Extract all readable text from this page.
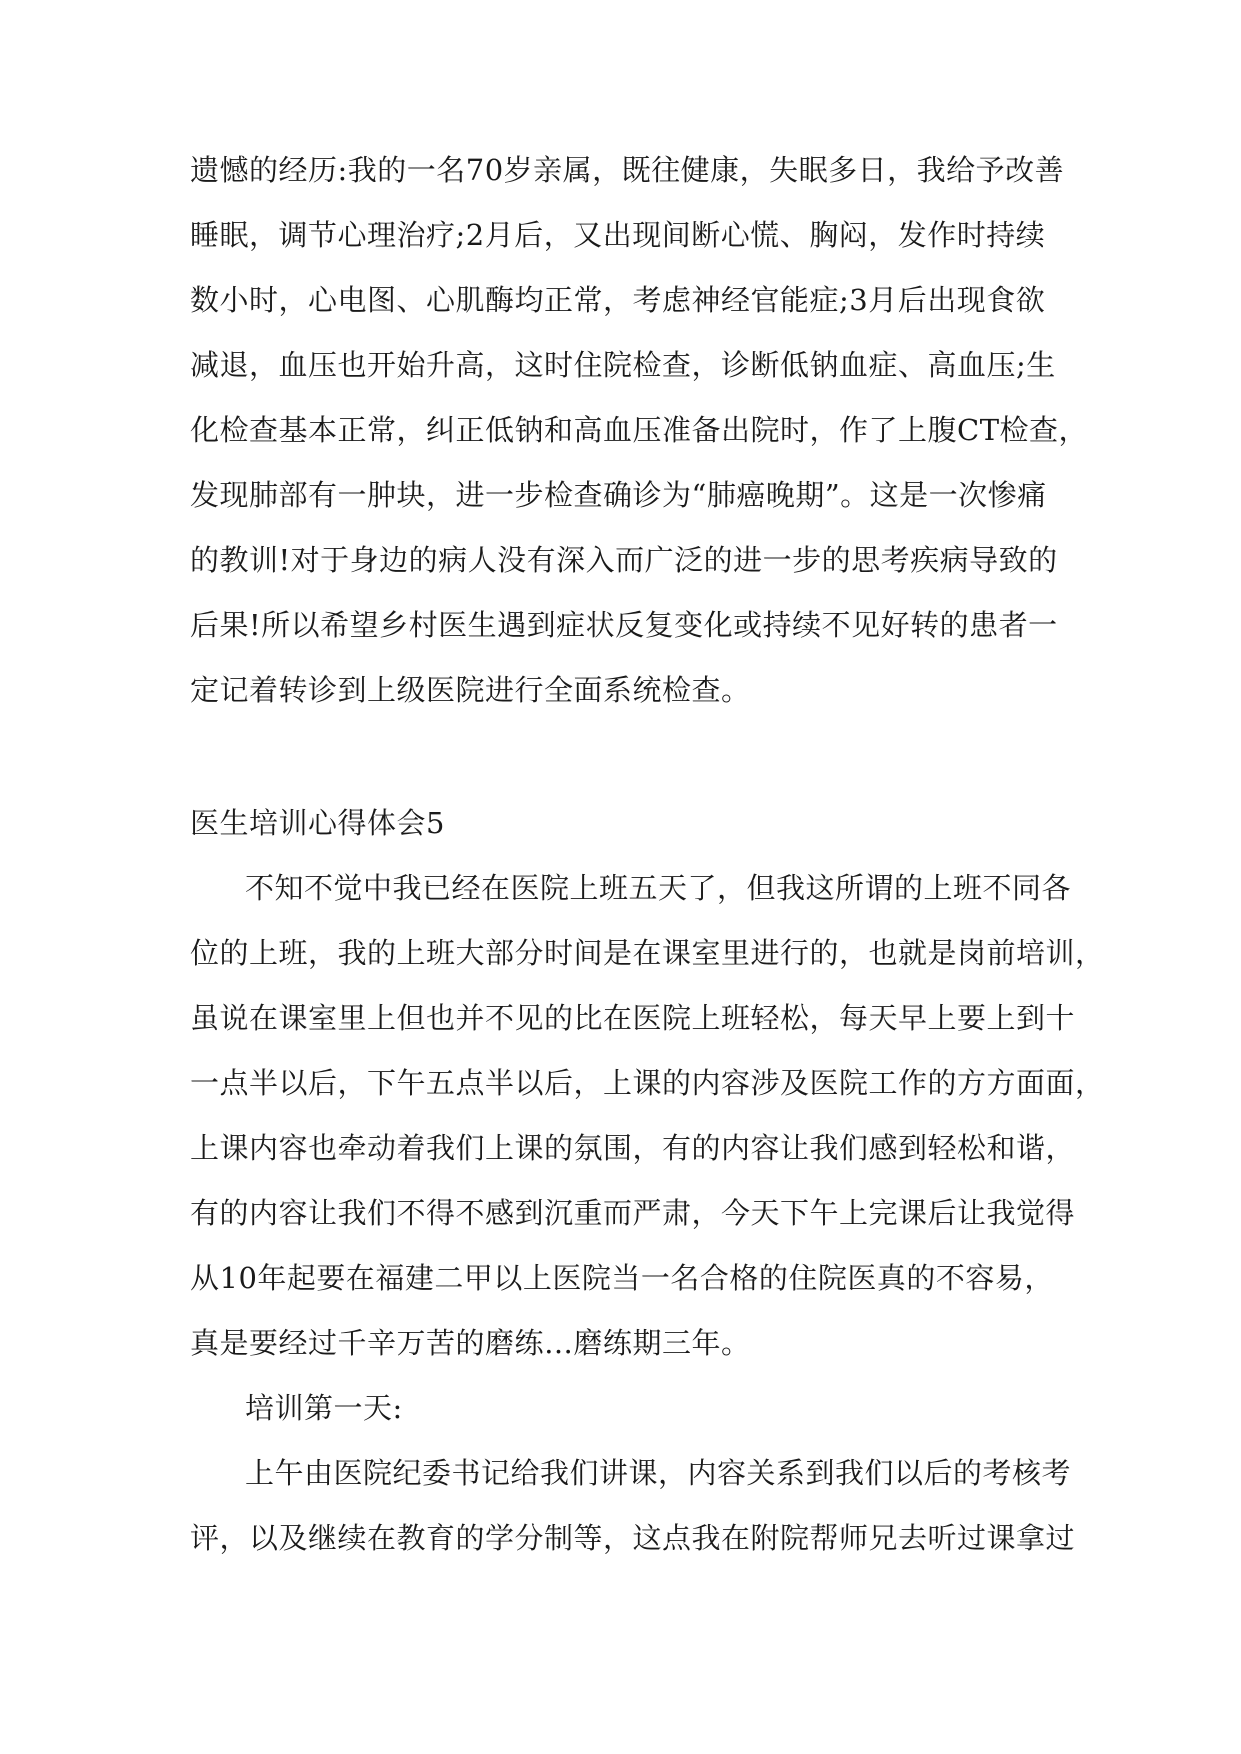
遗憾的经历:我的一名70岁亲属，既往健康，失眠多日，我给予改善
睡眠，调节心理治疗;2月后，又出现间断心慌、胸闷，发作时持续
数小时，心电图、心肌酶均正常，考虑神经官能症;3月后出现食欲
减退，血压也开始升高，这时住院检查，诊断低钠血症、高血压;生
化检查基本正常，纠正低钠和高血压准备出院时，作了上腹CT检查，
发现肺部有一肿块，进一步检查确诊为“肺癌晚期”。这是一次惨痛
的教训!对于身边的病人没有深入而广泛的进一步的思考疾病导致的
后果!所以希望乡村医生遇到症状反复变化或持续不见好转的患者一
定记着转诊到上级医院进行全面系统检查。
医生培训心得体会5
不知不觉中我已经在医院上班五天了，但我这所谓的上班不同各
位的上班，我的上班大部分时间是在课室里进行的，也就是岗前培训，
虽说在课室里上但也并不见的比在医院上班轻松，每天早上要上到十
一点半以后，下午五点半以后，上课的内容涉及医院工作的方方面面，
上课内容也牵动着我们上课的氛围，有的内容让我们感到轻松和谐，
有的内容让我们不得不感到沉重而严肃，今天下午上完课后让我觉得
从10年起要在福建二甲以上医院当一名合格的住院医真的不容易，
真是要经过千辛万苦的磨练…磨练期三年。
培训第一天:
上午由医院纪委书记给我们讲课，内容关系到我们以后的考核考
评，以及继续在教育的学分制等，这点我在附院帮师兄去听过课拿过
